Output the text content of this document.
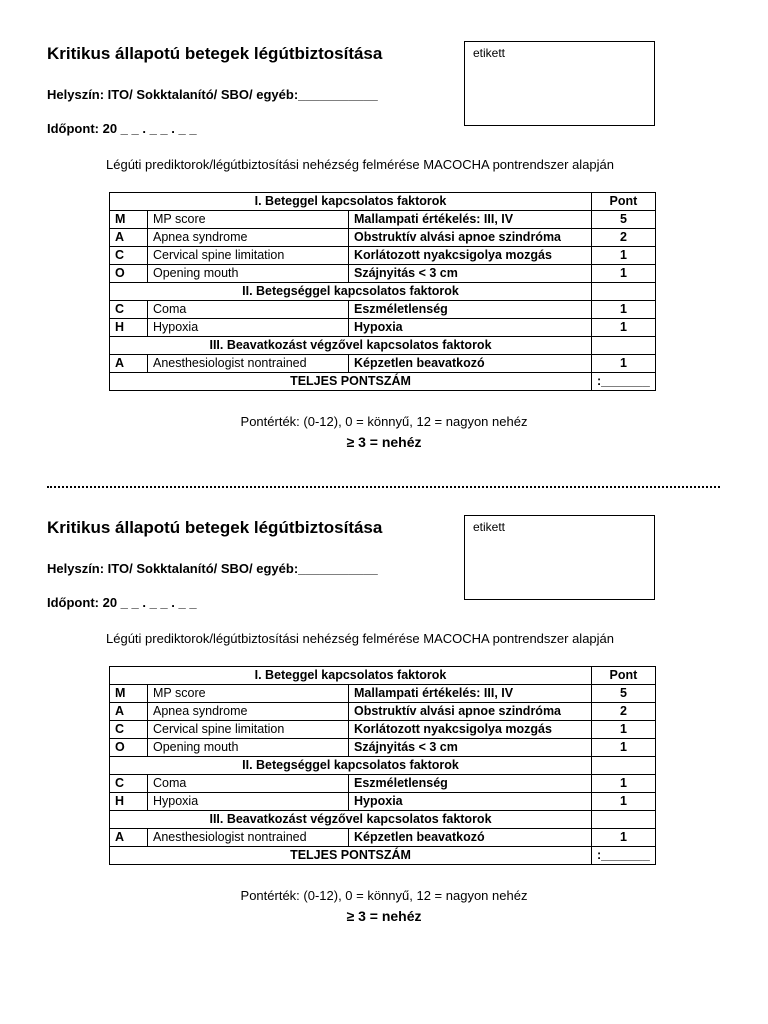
Kritikus állapotú betegek légútbiztosítása
Helyszín: ITO/ Sokktalanító/ SBO/ egyéb:___________
Időpont: 20 _ _ . _ _ . _ _
etikett
Légúti prediktorok/légútbiztosítási nehézség felmérése MACOCHA pontrendszer alapján
I. Beteggel kapcsolatos faktorok			Pont
M	MP score	Mallampati értékelés: III, IV	5
A	Apnea syndrome	Obstruktív alvási apnoe szindróma	2
C	Cervical spine limitation	Korlátozott nyakcsigolya mozgás	1
O	Opening mouth	Szájnyitás < 3 cm	1
II. Betegséggel kapcsolatos faktorok			
C	Coma	Eszméletlenség	1
H	Hypoxia	Hypoxia	1
III. Beavatkozást végzővel kapcsolatos faktorok			
A	Anesthesiologist nontrained	Képzetlen beavatkozó	1
TELJES PONTSZÁM			:_______
Pontérték: (0-12), 0 = könnyű, 12 = nagyon nehéz
≥ 3 = nehéz
Kritikus állapotú betegek légútbiztosítása
Helyszín: ITO/ Sokktalanító/ SBO/ egyéb:___________
Időpont: 20 _ _ . _ _ . _ _
etikett
Légúti prediktorok/légútbiztosítási nehézség felmérése MACOCHA pontrendszer alapján
I. Beteggel kapcsolatos faktorok			Pont
M	MP score	Mallampati értékelés: III, IV	5
A	Apnea syndrome	Obstruktív alvási apnoe szindróma	2
C	Cervical spine limitation	Korlátozott nyakcsigolya mozgás	1
O	Opening mouth	Szájnyitás < 3 cm	1
II. Betegséggel kapcsolatos faktorok			
C	Coma	Eszméletlenség	1
H	Hypoxia	Hypoxia	1
III. Beavatkozást végzővel kapcsolatos faktorok			
A	Anesthesiologist nontrained	Képzetlen beavatkozó	1
TELJES PONTSZÁM			:_______
Pontérték: (0-12), 0 = könnyű, 12 = nagyon nehéz
≥ 3 = nehéz
